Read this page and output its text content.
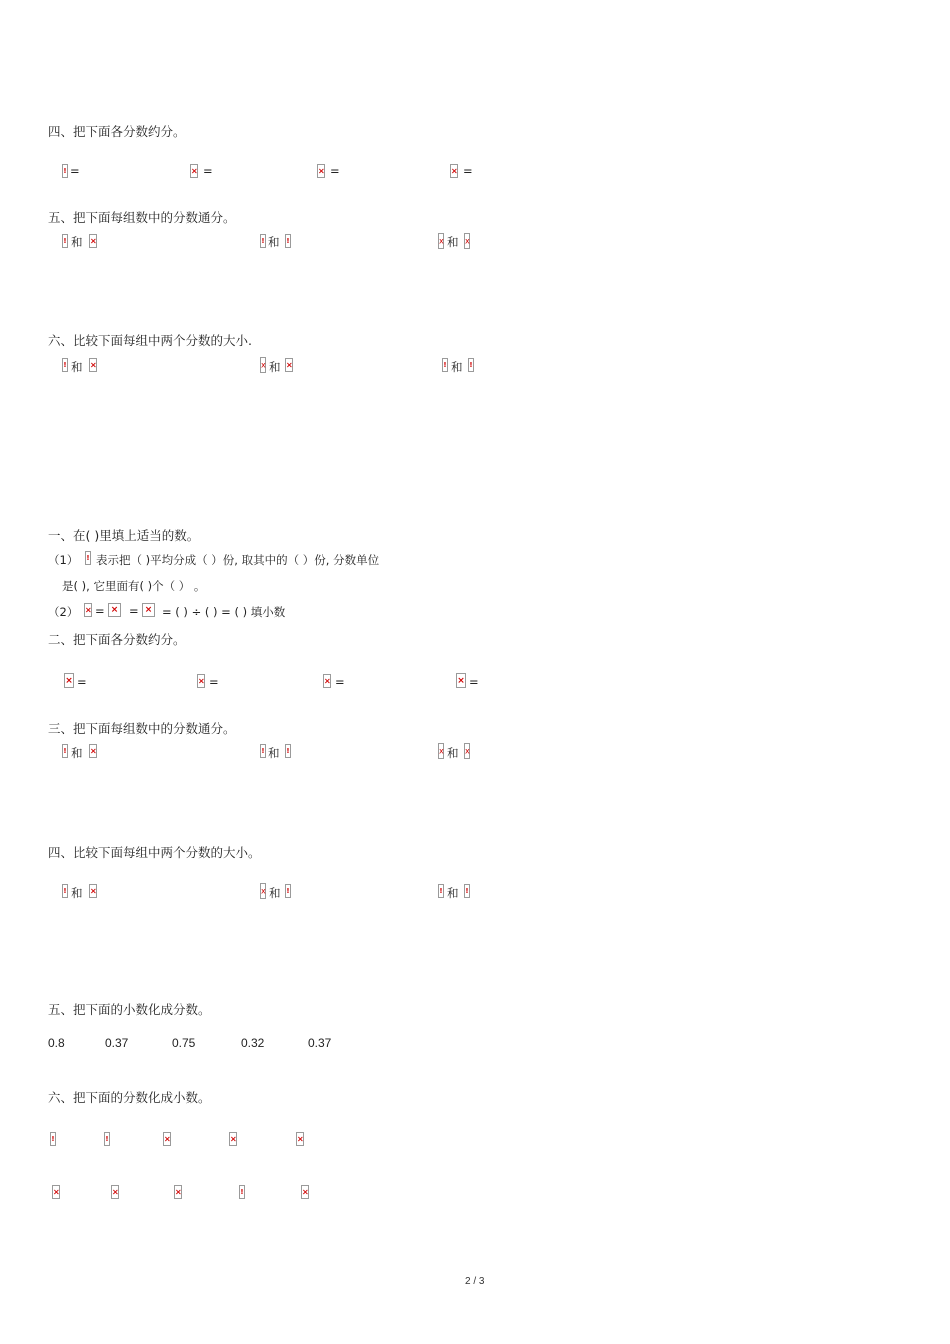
四、把下面各分数约分。
!
= ×	= ×	= ×	=
五、把下面每组数中的分数通分。
!
和 × !	和 ! x	和
x
六、比较下面每组中两个分数的大小.
!
和 × x	和 × !	和
!
一、在( )里填上适当的数。
（1） ! 表示把（ )平均分成（ ）份, 取其中的（ ）份, 分数单位
是( ), 它里面有( )个（ ） 。
（2） × = × = × = ( ) ÷ ( ) = ( ) 填小数
二、把下面各分数约分。
×
= ×	= ×	= ×	=
三、把下面每组数中的分数通分。
!
和 × !	和 ! x	和
x
四、比较下面每组中两个分数的大小。
!
和 × x	和 ! !	和
!
五、把下面的小数化成分数。
0.8	0.37	0.75	0.32	0.37
六、把下面的分数化成小数。
!
!
×
×
×
×
×
×
!
×
2 / 3
